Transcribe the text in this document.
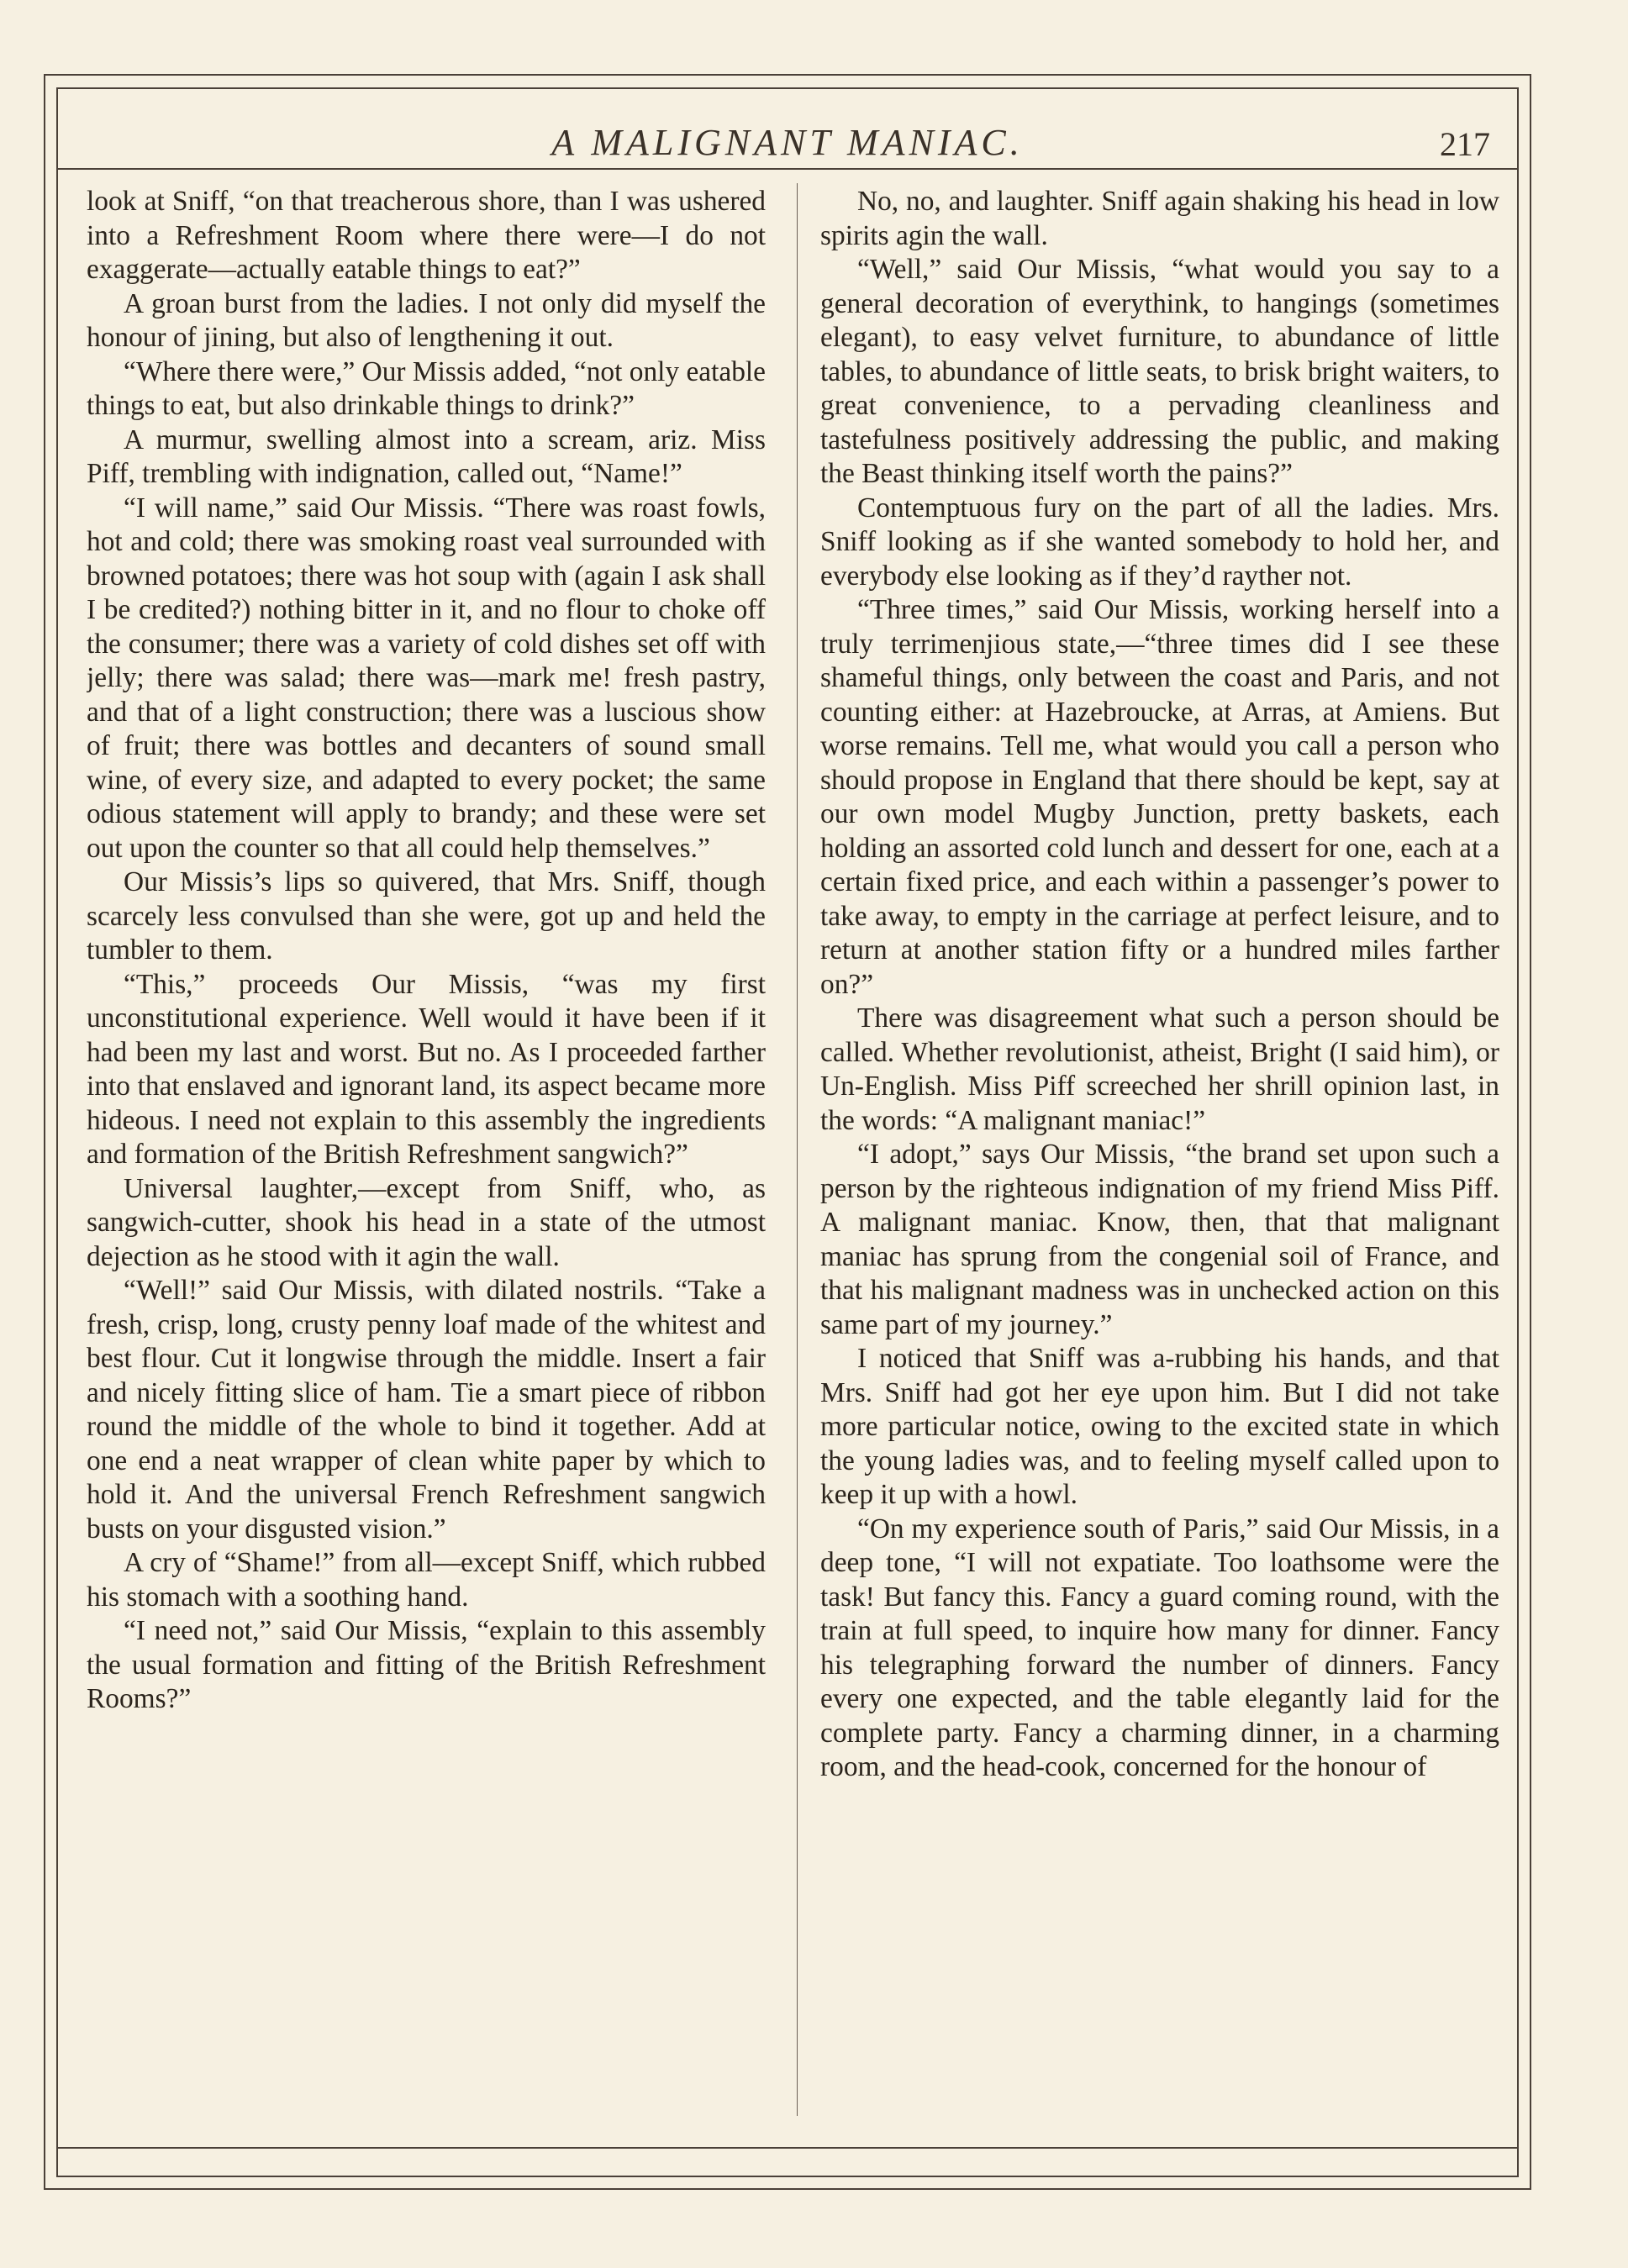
A MALIGNANT MANIAC.	217

look at Sniff, “on that treacherous shore, than I was ushered into a Refreshment Room where there were—I do not exaggerate—actually eatable things to eat?”

A groan burst from the ladies. I not only did myself the honour of jining, but also of lengthening it out.

“Where there were,” Our Missis added, “not only eatable things to eat, but also drinkable things to drink?”

A murmur, swelling almost into a scream, ariz. Miss Piff, trembling with indignation, called out, “Name!”

“I will name,” said Our Missis. “There was roast fowls, hot and cold; there was smoking roast veal surrounded with browned potatoes; there was hot soup with (again I ask shall I be credited?) nothing bitter in it, and no flour to choke off the consumer; there was a variety of cold dishes set off with jelly; there was salad; there was—mark me! fresh pastry, and that of a light construction; there was a luscious show of fruit; there was bottles and decanters of sound small wine, of every size, and adapted to every pocket; the same odious statement will apply to brandy; and these were set out upon the counter so that all could help themselves.”

Our Missis’s lips so quivered, that Mrs. Sniff, though scarcely less convulsed than she were, got up and held the tumbler to them.

“This,” proceeds Our Missis, “was my first unconstitutional experience. Well would it have been if it had been my last and worst. But no. As I proceeded farther into that enslaved and ignorant land, its aspect became more hideous. I need not explain to this assembly the ingredients and formation of the British Refreshment sangwich?”

Universal laughter,—except from Sniff, who, as sangwich-cutter, shook his head in a state of the utmost dejection as he stood with it agin the wall.

“Well!” said Our Missis, with dilated nostrils. “Take a fresh, crisp, long, crusty penny loaf made of the whitest and best flour. Cut it longwise through the middle. Insert a fair and nicely fitting slice of ham. Tie a smart piece of ribbon round the middle of the whole to bind it together. Add at one end a neat wrapper of clean white paper by which to hold it. And the universal French Refreshment sangwich busts on your disgusted vision.”

A cry of “Shame!” from all—except Sniff, which rubbed his stomach with a soothing hand.

“I need not,” said Our Missis, “explain to this assembly the usual formation and fitting of the British Refreshment Rooms?”

No, no, and laughter. Sniff again shaking his head in low spirits agin the wall.

“Well,” said Our Missis, “what would you say to a general decoration of everythink, to hangings (sometimes elegant), to easy velvet furniture, to abundance of little tables, to abundance of little seats, to brisk bright waiters, to great convenience, to a pervading cleanliness and tastefulness positively addressing the public, and making the Beast thinking itself worth the pains?”

Contemptuous fury on the part of all the ladies. Mrs. Sniff looking as if she wanted somebody to hold her, and everybody else looking as if they’d rayther not.

“Three times,” said Our Missis, working herself into a truly terrimenjious state,—“three times did I see these shameful things, only between the coast and Paris, and not counting either: at Hazebroucke, at Arras, at Amiens. But worse remains. Tell me, what would you call a person who should propose in England that there should be kept, say at our own model Mugby Junction, pretty baskets, each holding an assorted cold lunch and dessert for one, each at a certain fixed price, and each within a passenger’s power to take away, to empty in the carriage at perfect leisure, and to return at another station fifty or a hundred miles farther on?”

There was disagreement what such a person should be called. Whether revolutionist, atheist, Bright (I said him), or Un-English. Miss Piff screeched her shrill opinion last, in the words: “A malignant maniac!”

“I adopt,” says Our Missis, “the brand set upon such a person by the righteous indignation of my friend Miss Piff. A malignant maniac. Know, then, that that malignant maniac has sprung from the congenial soil of France, and that his malignant madness was in unchecked action on this same part of my journey.”

I noticed that Sniff was a-rubbing his hands, and that Mrs. Sniff had got her eye upon him. But I did not take more particular notice, owing to the excited state in which the young ladies was, and to feeling myself called upon to keep it up with a howl.

“On my experience south of Paris,” said Our Missis, in a deep tone, “I will not expatiate. Too loathsome were the task! But fancy this. Fancy a guard coming round, with the train at full speed, to inquire how many for dinner. Fancy his telegraphing forward the number of dinners. Fancy every one expected, and the table elegantly laid for the complete party. Fancy a charming dinner, in a charming room, and the head-cook, concerned for the honour of
